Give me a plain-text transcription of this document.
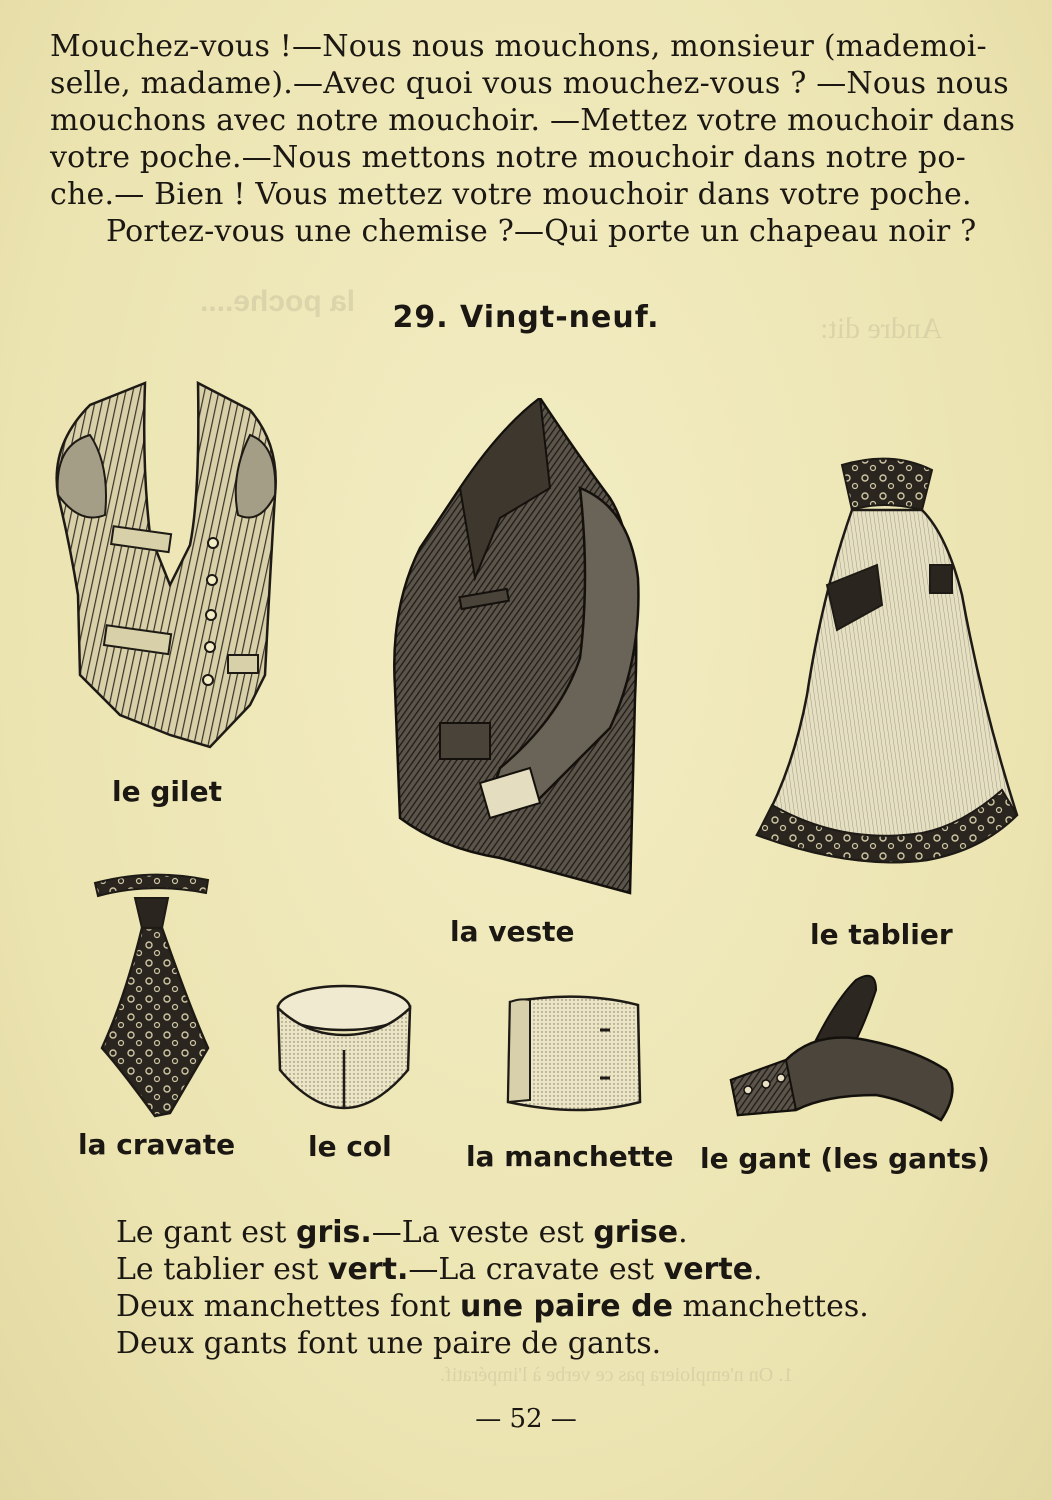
Andre dit:
la poche....
1. On n'emploiera pas ce verbe à l'impératif.

Mouchez-vous !—Nous nous mouchons, monsieur (mademoi-

selle, madame).—Avec quoi vous mouchez-vous ? —Nous nous

mouchons avec notre mouchoir. —Mettez votre mouchoir dans

votre poche.—Nous mettons notre mouchoir dans notre po-

che.— Bien ! Vous mettez votre mouchoir dans votre poche.

Portez-vous une chemise ?—Qui porte un chapeau noir ?

29. Vingt-neuf.
le gilet
la veste	le tablier
la cravate	le col	la manchette le gant (les gants)

Le gant est gris.—La veste est grise.

Le tablier est vert.—La cravate est verte.

Deux manchettes font une paire de manchettes.

Deux gants font une paire de gants.

— 52 —
